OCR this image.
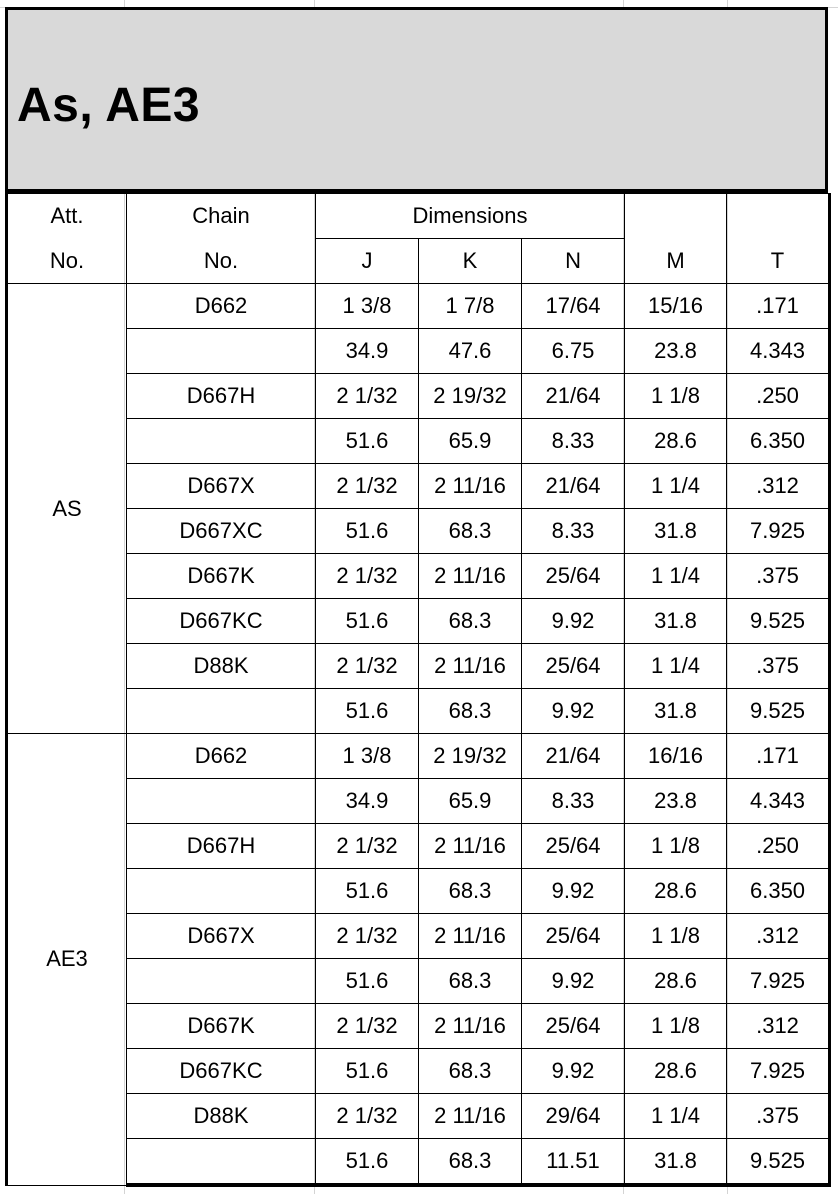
As, AE3
Att.	Chain	Dimensions				
No.	No.	J	K	N	M	T
AS	D662	1 3/8	1 7/8	17/64	15/16	.171
		34.9	47.6	6.75	23.8	4.343
	D667H	2 1/32	2 19/32	21/64	1 1/8	.250
		51.6	65.9	8.33	28.6	6.350
	D667X	2 1/32	2 11/16	21/64	1 1/4	.312
	D667XC	51.6	68.3	8.33	31.8	7.925
	D667K	2 1/32	2 11/16	25/64	1 1/4	.375
	D667KC	51.6	68.3	9.92	31.8	9.525
	D88K	2 1/32	2 11/16	25/64	1 1/4	.375
		51.6	68.3	9.92	31.8	9.525
AE3	D662	1 3/8	2 19/32	21/64	16/16	.171
		34.9	65.9	8.33	23.8	4.343
	D667H	2 1/32	2 11/16	25/64	1 1/8	.250
		51.6	68.3	9.92	28.6	6.350
	D667X	2 1/32	2 11/16	25/64	1 1/8	.312
		51.6	68.3	9.92	28.6	7.925
	D667K	2 1/32	2 11/16	25/64	1 1/8	.312
	D667KC	51.6	68.3	9.92	28.6	7.925
	D88K	2 1/32	2 11/16	29/64	1 1/4	.375
		51.6	68.3	11.51	31.8	9.525
